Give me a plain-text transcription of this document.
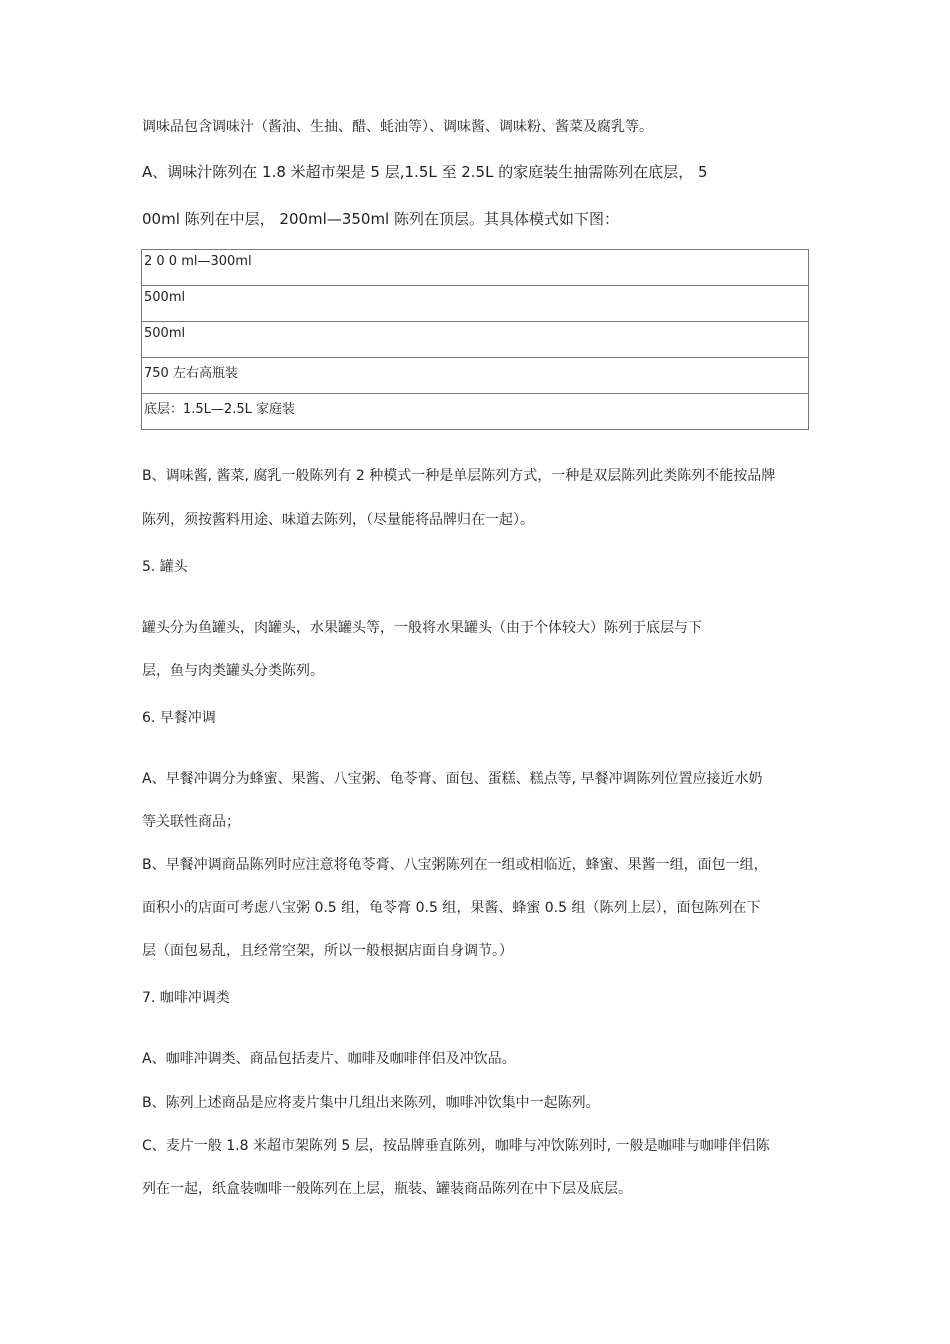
调味品包含调味汁（酱油、生抽、醋、蚝油等）、调味酱、调味粉、酱菜及腐乳等。
A、调味汁陈列在 1.8 米超市架是 5 层,1.5L 至 2.5L 的家庭装生抽需陈列在底层， 5
00ml 陈列在中层， 200ml—350ml 陈列在顶层。其具体模式如下图：
2 0 0 ml—300ml
500ml
500ml
750 左右高瓶装
底层：1.5L—2.5L 家庭装
B、调味酱, 酱菜, 腐乳一般陈列有 2 种模式一种是单层陈列方式，一种是双层陈列此类陈列不能按品牌
陈列，须按酱料用途、味道去陈列，（尽量能将品牌归在一起）。
5. 罐头
罐头分为鱼罐头，肉罐头，水果罐头等，一般将水果罐头（由于个体较大）陈列于底层与下
层，鱼与肉类罐头分类陈列。
6. 早餐冲调
A、早餐冲调分为蜂蜜、果酱、八宝粥、龟苓膏、面包、蛋糕、糕点等, 早餐冲调陈列位置应接近水奶
等关联性商品；
B、早餐冲调商品陈列时应注意将龟苓膏、八宝粥陈列在一组或相临近，蜂蜜、果酱一组，面包一组，
面积小的店面可考虑八宝粥 0.5 组，龟苓膏 0.5 组，果酱、蜂蜜 0.5 组（陈列上层），面包陈列在下
层（面包易乱，且经常空架，所以一般根据店面自身调节。）
7. 咖啡冲调类
A、咖啡冲调类、商品包括麦片、咖啡及咖啡伴侣及冲饮品。
B、陈列上述商品是应将麦片集中几组出来陈列，咖啡冲饮集中一起陈列。
C、麦片一般 1.8 米超市架陈列 5 层，按品牌垂直陈列，咖啡与冲饮陈列时, 一般是咖啡与咖啡伴侣陈
列在一起，纸盒装咖啡一般陈列在上层，瓶装、罐装商品陈列在中下层及底层。
